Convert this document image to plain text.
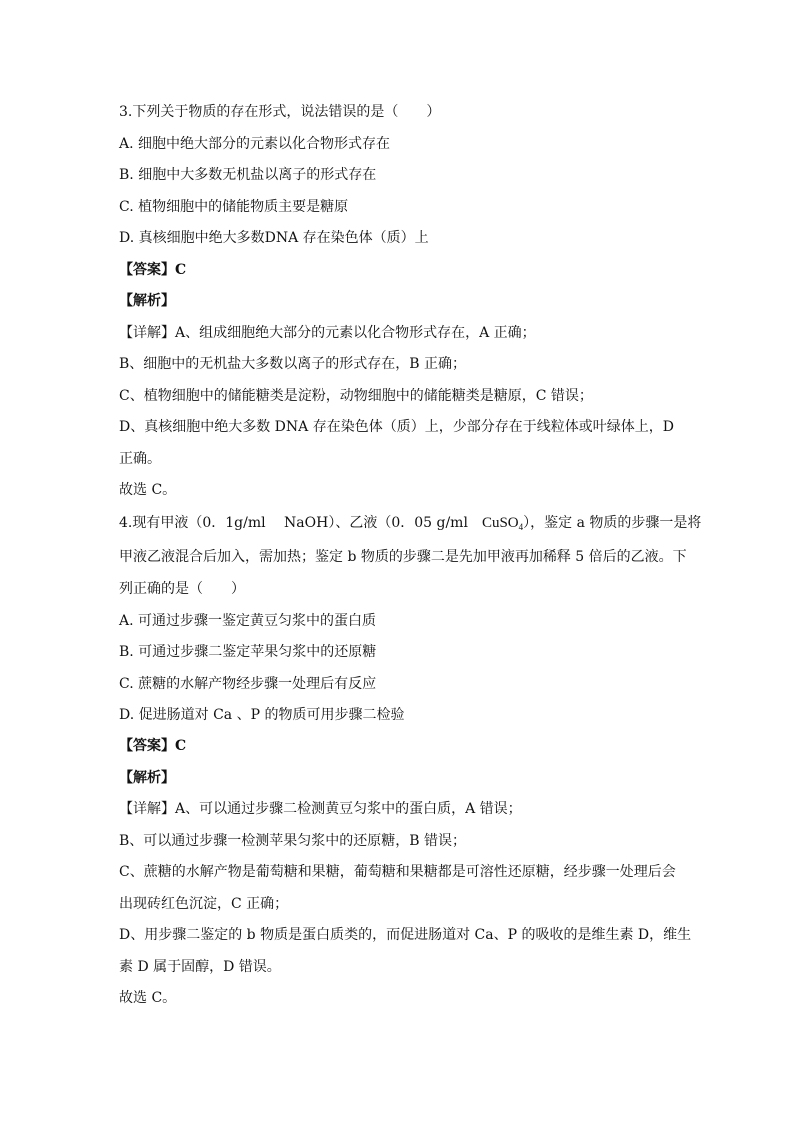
3.下列关于物质的存在形式，说法错误的是（　　）
A. 细胞中绝大部分的元素以化合物形式存在
B. 细胞中大多数无机盐以离子的形式存在
C. 植物细胞中的储能物质主要是糖原
D. 真核细胞中绝大多数DNA 存在染色体（质）上
【答案】C
【解析】
【详解】A、组成细胞绝大部分的元素以化合物形式存在，A 正确；
B、细胞中的无机盐大多数以离子的形式存在，B 正确；
C、植物细胞中的储能糖类是淀粉，动物细胞中的储能糖类是糖原，C 错误；
D、真核细胞中绝大多数 DNA 存在染色体（质）上，少部分存在于线粒体或叶绿体上，D
正确。
故选 C。
4.现有甲液（0．1g/ml　 NaOH）、乙液（0．05 g/ml　CuSO$_4$），鉴定 a 物质的步骤一是将
甲液乙液混合后加入，需加热；鉴定 b 物质的步骤二是先加甲液再加稀释 5 倍后的乙液。下
列正确的是（　　）
A. 可通过步骤一鉴定黄豆匀浆中的蛋白质
B. 可通过步骤二鉴定苹果匀浆中的还原糖
C. 蔗糖的水解产物经步骤一处理后有反应
D. 促进肠道对 Ca 、P 的物质可用步骤二检验
【答案】C
【解析】
【详解】A、可以通过步骤二检测黄豆匀浆中的蛋白质，A 错误；
B、可以通过步骤一检测苹果匀浆中的还原糖，B 错误；
C、蔗糖的水解产物是葡萄糖和果糖，葡萄糖和果糖都是可溶性还原糖，经步骤一处理后会
出现砖红色沉淀，C 正确；
D、用步骤二鉴定的 b 物质是蛋白质类的，而促进肠道对 Ca、P 的吸收的是维生素 D，维生
素 D 属于固醇，D 错误。
故选 C。
